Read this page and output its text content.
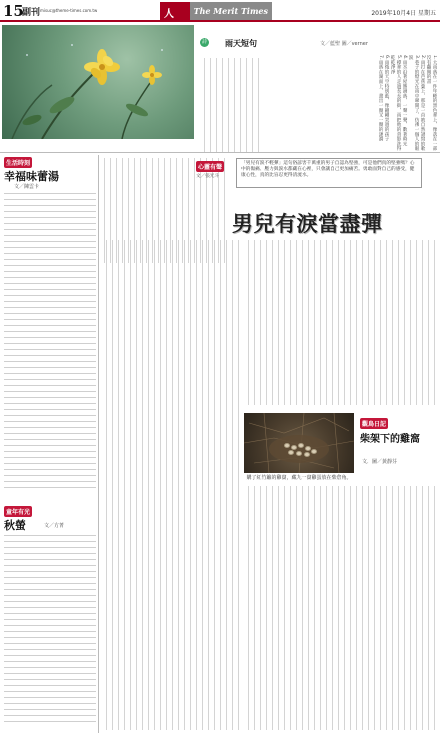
15
副刊 misuc@theme-times.com.tw	人	The Merit Times	2019年10月4日 星期五
詩 雨天短句	文／藍聖 圖／verner

1.大雨落在一件年輕的黑色傘上，像落在一部沒有翻開的書

2.雨打在芭蕉葉上，那是一首被自然譜寫的歌

3.巷子的燈光在雨中暈開了，彷彿一個人的眼淚

4.雨水沿著屋簷滴落，一聲一聲，數著時光

5.撐傘的人走過長長的街，雨把他的背影洗得乾乾淨淨

6.雨後的天空特別藍，像剛剛哭過的孩子

7.雨落在湖面上，畫出一圈又一圈的漣漪

生活時刻
幸福味蕾湯
文／陳雲卡
童年有光
秋螢	文／方菁
心靈有聲
文／張光斗
「男兒有淚不輕彈」這句俗諺害千萬重的男子自認為堅強，可是他們真的堅強嗎？心中的傷痛、壓力與淚水都藏在心裡，只會讓自己更加痛苦。勇敢面對自己的感受，健康心性，真的比盲忍更得清流水。
男兒有淚當盡彈
購了紅竹籬的雞窩，藏九一窩雞蛋放在柴倉角。
觀鳥日記
柴架下的雞窩
文．圖／黃靜芬
